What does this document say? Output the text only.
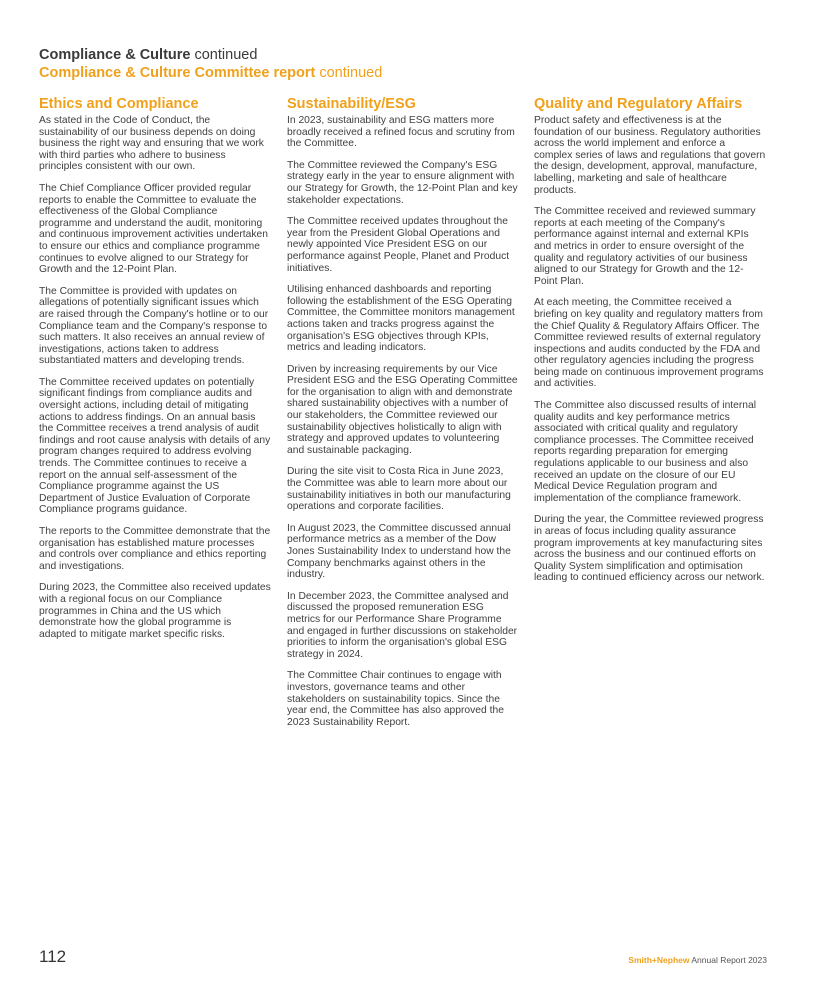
Compliance & Culture continued
Compliance & Culture Committee report continued
Ethics and Compliance

As stated in the Code of Conduct, the sustainability of our business depends on doing business the right way and ensuring that we work with third parties who adhere to business principles consistent with our own.

The Chief Compliance Officer provided regular reports to enable the Committee to evaluate the effectiveness of the Global Compliance programme and understand the audit, monitoring and continuous improvement activities undertaken to ensure our ethics and compliance programme continues to evolve aligned to our Strategy for Growth and the 12-Point Plan.

The Committee is provided with updates on allegations of potentially significant issues which are raised through the Company's hotline or to our Compliance team and the Company's response to such matters. It also receives an annual review of investigations, actions taken to address substantiated matters and developing trends.

The Committee received updates on potentially significant findings from compliance audits and oversight actions, including detail of mitigating actions to address findings. On an annual basis the Committee receives a trend analysis of audit findings and root cause analysis with details of any program changes required to address evolving trends. The Committee continues to receive a report on the annual self-assessment of the Compliance programme against the US Department of Justice Evaluation of Corporate Compliance programs guidance.

The reports to the Committee demonstrate that the organisation has established mature processes and controls over compliance and ethics reporting and investigations.

During 2023, the Committee also received updates with a regional focus on our Compliance programmes in China and the US which demonstrate how the global programme is adapted to mitigate market specific risks.

Sustainability/ESG

In 2023, sustainability and ESG matters more broadly received a refined focus and scrutiny from the Committee.

The Committee reviewed the Company's ESG strategy early in the year to ensure alignment with our Strategy for Growth, the 12-Point Plan and key stakeholder expectations.

The Committee received updates throughout the year from the President Global Operations and newly appointed Vice President ESG on our performance against People, Planet and Product initiatives.

Utilising enhanced dashboards and reporting following the establishment of the ESG Operating Committee, the Committee monitors management actions taken and tracks progress against the organisation's ESG objectives through KPIs, metrics and leading indicators.

Driven by increasing requirements by our Vice President ESG and the ESG Operating Committee for the organisation to align with and demonstrate shared sustainability objectives with a number of our stakeholders, the Committee reviewed our sustainability objectives holistically to align with strategy and approved updates to volunteering and sustainable packaging.

During the site visit to Costa Rica in June 2023, the Committee was able to learn more about our sustainability initiatives in both our manufacturing operations and corporate facilities.

In August 2023, the Committee discussed annual performance metrics as a member of the Dow Jones Sustainability Index to understand how the Company benchmarks against others in the industry.

In December 2023, the Committee analysed and discussed the proposed remuneration ESG metrics for our Performance Share Programme and engaged in further discussions on stakeholder priorities to inform the organisation's global ESG strategy in 2024.

The Committee Chair continues to engage with investors, governance teams and other stakeholders on sustainability topics. Since the year end, the Committee has also approved the 2023 Sustainability Report.

Quality and Regulatory Affairs

Product safety and effectiveness is at the foundation of our business. Regulatory authorities across the world implement and enforce a complex series of laws and regulations that govern the design, development, approval, manufacture, labelling, marketing and sale of healthcare products.

The Committee received and reviewed summary reports at each meeting of the Company's performance against internal and external KPIs and metrics in order to ensure oversight of the quality and regulatory activities of our business aligned to our Strategy for Growth and the 12-Point Plan.

At each meeting, the Committee received a briefing on key quality and regulatory matters from the Chief Quality & Regulatory Affairs Officer. The Committee reviewed results of external regulatory inspections and audits conducted by the FDA and other regulatory agencies including the progress being made on continuous improvement programs and activities.

The Committee also discussed results of internal quality audits and key performance metrics associated with critical quality and regulatory compliance processes. The Committee received reports regarding preparation for emerging regulations applicable to our business and also received an update on the closure of our EU Medical Device Regulation program and implementation of the compliance framework.

During the year, the Committee reviewed progress in areas of focus including quality assurance program improvements at key manufacturing sites across the business and our continued efforts on Quality System simplification and optimisation leading to continued efficiency across our network.

112	Smith+Nephew Annual Report 2023
